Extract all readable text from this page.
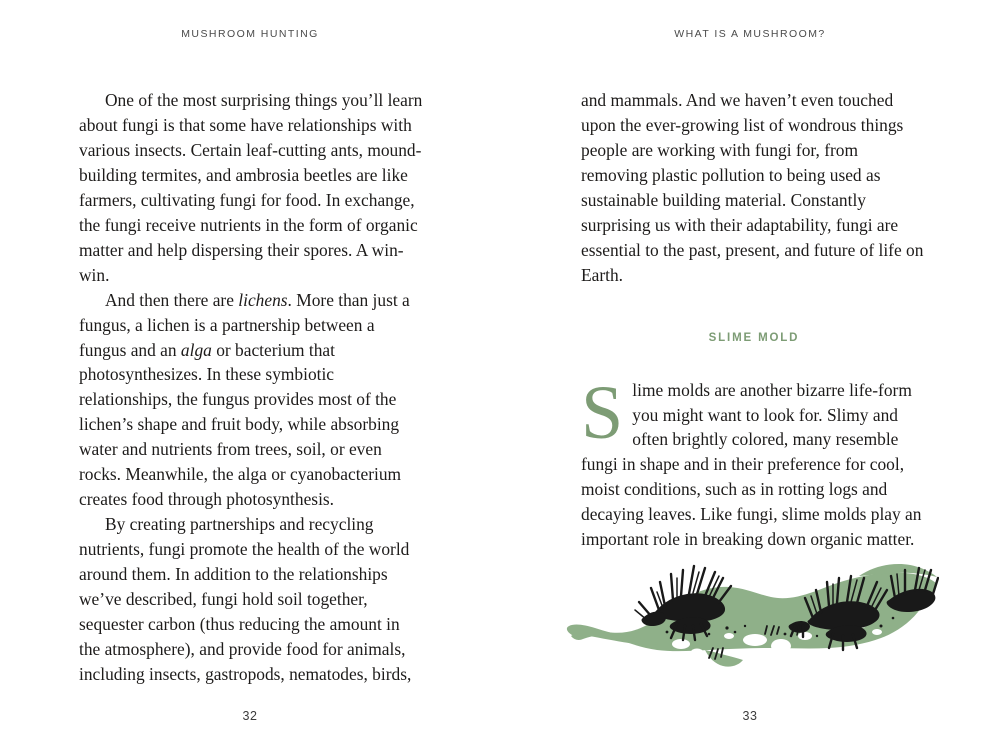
MUSHROOM HUNTING

One of the most surprising things you’ll learn about fungi is that some have relationships with various insects. Certain leaf-cutting ants, mound-building termites, and ambrosia beetles are like farmers, cultivating fungi for food. In exchange, the fungi receive nutrients in the form of organic matter and help dispersing their spores. A win-win.

And then there are lichens. More than just a fungus, a lichen is a partnership between a fungus and an alga or bacterium that photosynthesizes. In these symbiotic relationships, the fungus provides most of the lichen’s shape and fruit body, while absorbing water and nutrients from trees, soil, or even rocks. Meanwhile, the alga or cyanobacterium creates food through photosynthesis.

By creating partnerships and recycling nutrients, fungi promote the health of the world around them. In addition to the relationships we’ve described, fungi hold soil together, sequester carbon (thus reducing the amount in the atmosphere), and provide food for animals, including insects, gastropods, nematodes, birds,

32
WHAT IS A MUSHROOM?

and mammals. And we haven’t even touched upon the ever-growing list of wondrous things people are working with fungi for, from removing plastic pollution to being used as sustainable building material. Constantly surprising us with their adaptability, fungi are essential to the past, present, and future of life on Earth.

SLIME MOLD

Slime molds are another bizarre life-form you might want to look for. Slimy and often brightly colored, many resemble fungi in shape and in their preference for cool, moist conditions, such as in rotting logs and decaying leaves. Like fungi, slime molds play an important role in breaking down organic matter.

33
